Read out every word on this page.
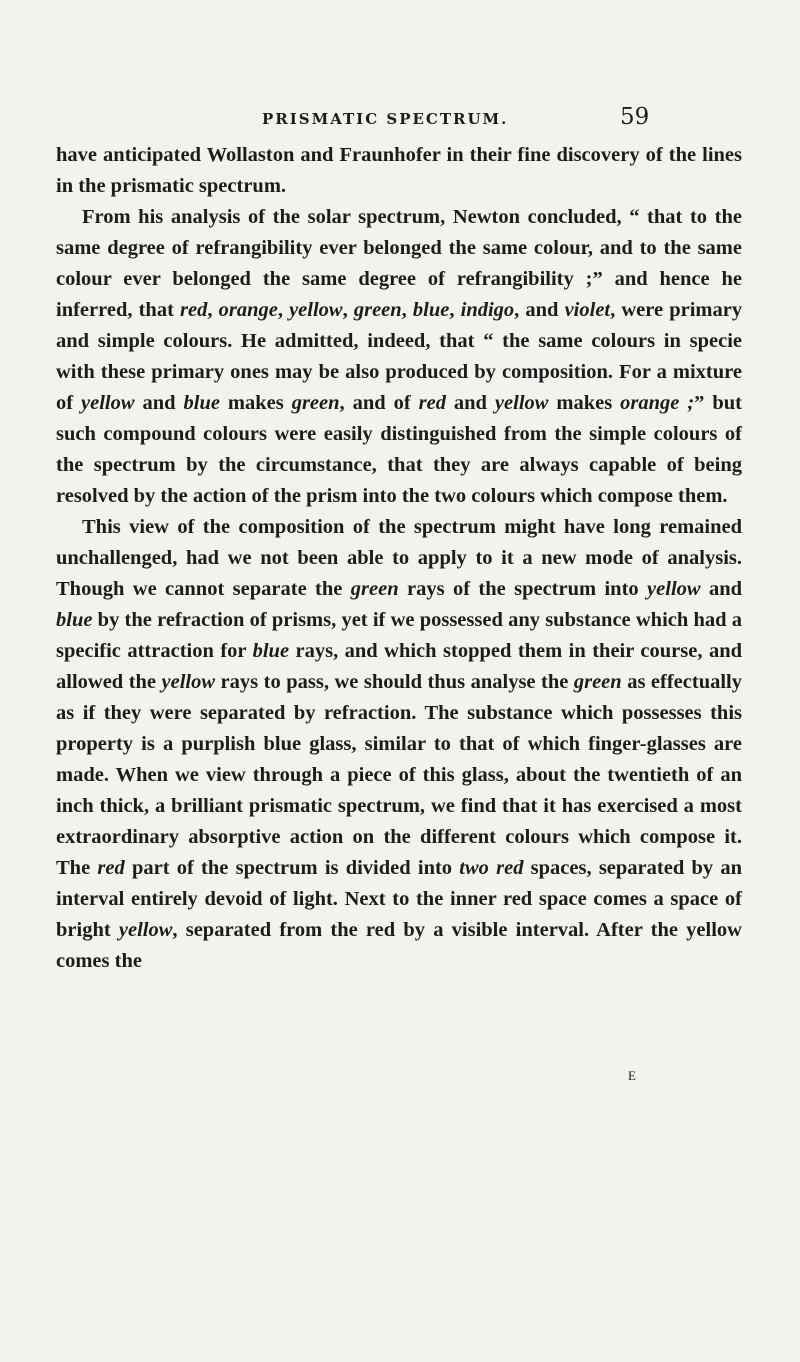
PRISMATIC SPECTRUM.	59

have anticipated Wollaston and Fraunhofer in their fine discovery of the lines in the prismatic spectrum.

From his analysis of the solar spectrum, Newton concluded, “ that to the same degree of refrangibility ever belonged the same colour, and to the same colour ever belonged the same degree of refrangibility ;” and hence he inferred, that red, orange, yellow, green, blue, indigo, and violet, were primary and simple colours. He admitted, indeed, that “ the same colours in specie with these primary ones may be also produced by composition. For a mixture of yellow and blue makes green, and of red and yellow makes orange ;” but such compound colours were easily distinguished from the simple colours of the spectrum by the circumstance, that they are always capable of being resolved by the action of the prism into the two colours which compose them.

This view of the composition of the spectrum might have long remained unchallenged, had we not been able to apply to it a new mode of analysis. Though we cannot separate the green rays of the spectrum into yellow and blue by the refraction of prisms, yet if we possessed any substance which had a specific attraction for blue rays, and which stopped them in their course, and allowed the yellow rays to pass, we should thus analyse the green as effectually as if they were separated by refraction. The substance which possesses this property is a purplish blue glass, similar to that of which finger-glasses are made. When we view through a piece of this glass, about the twentieth of an inch thick, a brilliant prismatic spectrum, we find that it has exercised a most extraordinary absorptive action on the different colours which compose it. The red part of the spectrum is divided into two red spaces, separated by an interval entirely devoid of light. Next to the inner red space comes a space of bright yellow, separated from the red by a visible interval. After the yellow comes the

E
